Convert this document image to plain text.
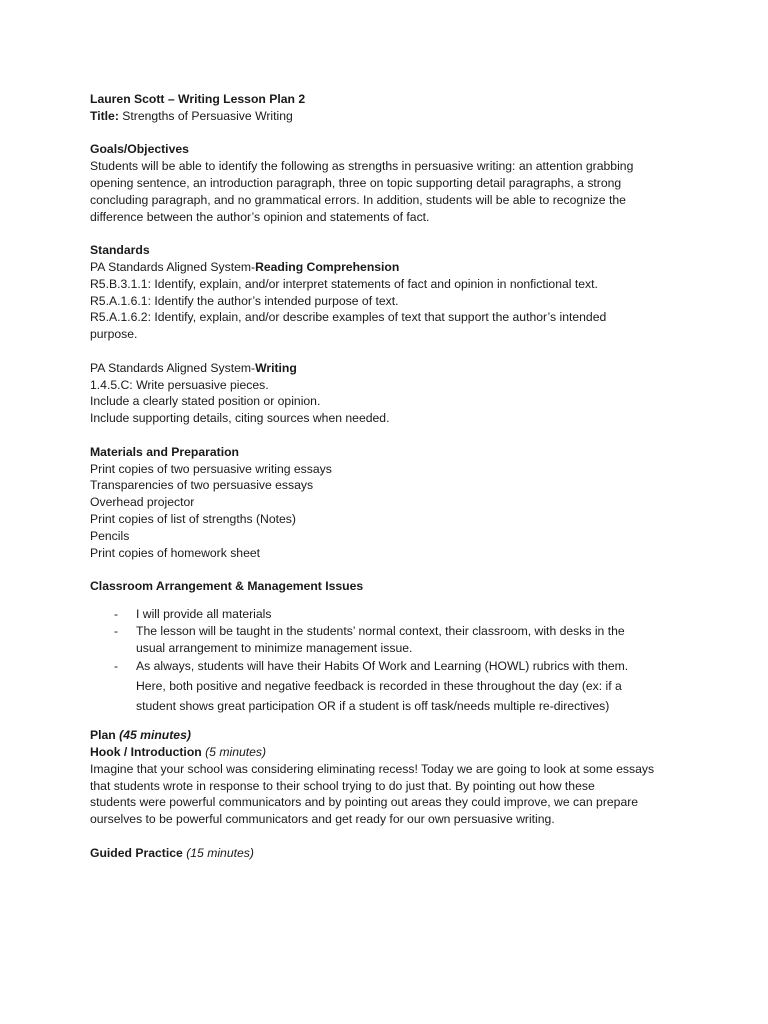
Lauren Scott – Writing Lesson Plan 2
Title: Strengths of Persuasive Writing
Goals/Objectives
Students will be able to identify the following as strengths in persuasive writing: an attention grabbing
opening sentence, an introduction paragraph, three on topic supporting detail paragraphs, a strong
concluding paragraph, and no grammatical errors. In addition, students will be able to recognize the
difference between the author’s opinion and statements of fact.
Standards
PA Standards Aligned System-Reading Comprehension
R5.B.3.1.1: Identify, explain, and/or interpret statements of fact and opinion in nonfictional text.
R5.A.1.6.1: Identify the author’s intended purpose of text.
R5.A.1.6.2: Identify, explain, and/or describe examples of text that support the author’s intended
purpose.
PA Standards Aligned System-Writing
1.4.5.C: Write persuasive pieces.
Include a clearly stated position or opinion.
Include supporting details, citing sources when needed.
Materials and Preparation
Print copies of two persuasive writing essays
Transparencies of two persuasive essays
Overhead projector
Print copies of list of strengths (Notes)
Pencils
Print copies of homework sheet
Classroom Arrangement & Management Issues
- I will provide all materials
- The lesson will be taught in the students’ normal context, their classroom, with desks in the
usual arrangement to minimize management issue.
- As always, students will have their Habits Of Work and Learning (HOWL) rubrics with them.
Here, both positive and negative feedback is recorded in these throughout the day (ex: if a
student shows great participation OR if a student is off task/needs multiple re-directives)
Plan (45 minutes)
Hook / Introduction (5 minutes)
Imagine that your school was considering eliminating recess! Today we are going to look at some essays
that students wrote in response to their school trying to do just that. By pointing out how these
students were powerful communicators and by pointing out areas they could improve, we can prepare
ourselves to be powerful communicators and get ready for our own persuasive writing.
Guided Practice (15 minutes)
